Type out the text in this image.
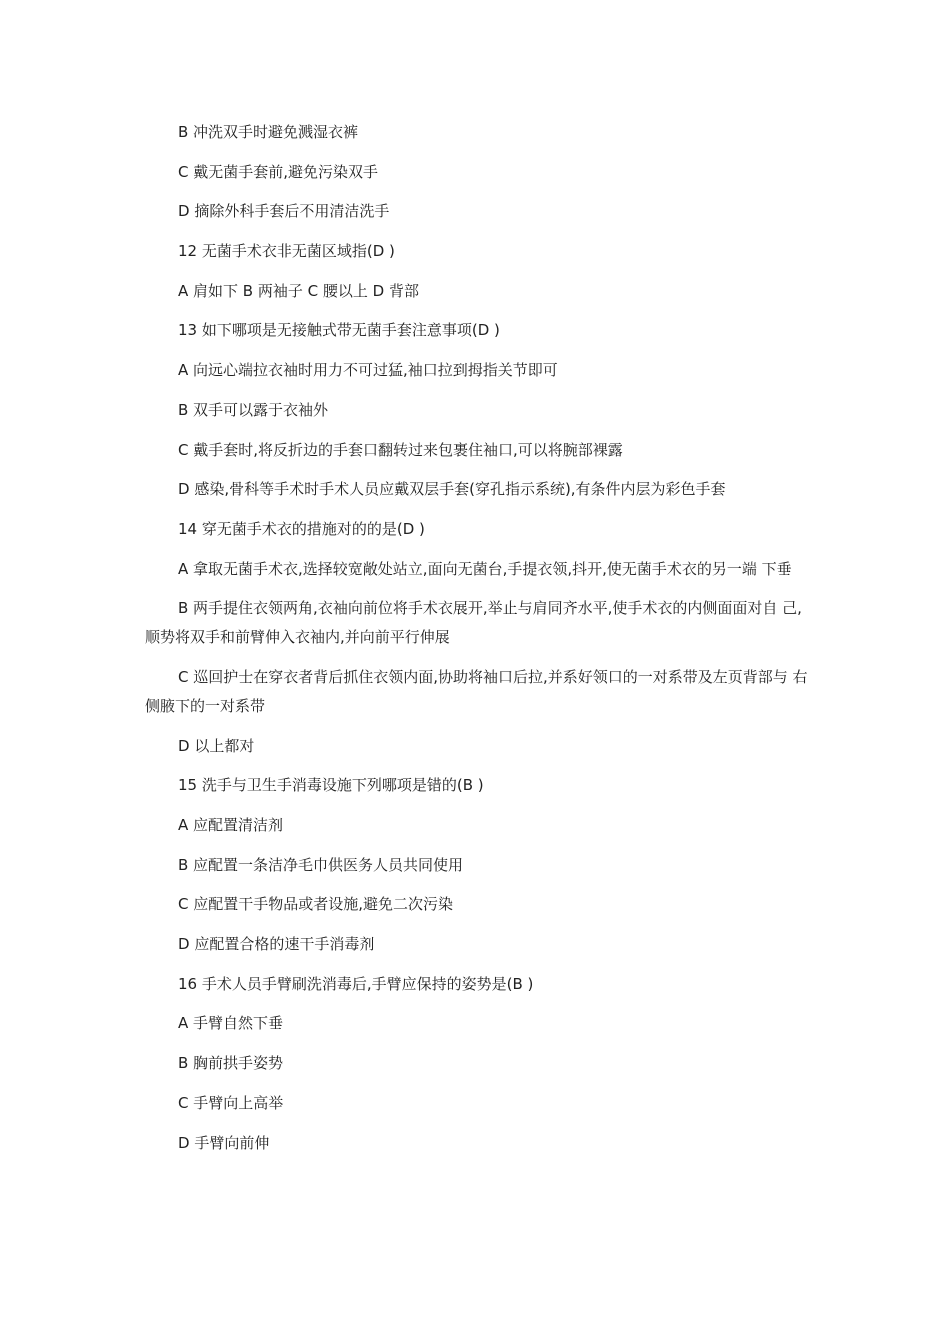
B 冲洗双手时避免溅湿衣裤

C 戴无菌手套前,避免污染双手

D 摘除外科手套后不用清洁洗手

12 无菌手术衣非无菌区域指(D )

A 肩如下 B 两袖子 C 腰以上 D 背部

13 如下哪项是无接触式带无菌手套注意事项(D )

A 向远心端拉衣袖时用力不可过猛,袖口拉到拇指关节即可

B 双手可以露于衣袖外

C 戴手套时,将反折边的手套口翻转过来包裹住袖口,可以将腕部裸露

D 感染,骨科等手术时手术人员应戴双层手套(穿孔指示系统),有条件内层为彩色手套

14 穿无菌手术衣的措施对的的是(D )

A 拿取无菌手术衣,选择较宽敞处站立,面向无菌台,手提衣领,抖开,使无菌手术衣的另一端 下垂

B 两手提住衣领两角,衣袖向前位将手术衣展开,举止与肩同齐水平,使手术衣的内侧面面对自 己,顺势将双手和前臂伸入衣袖内,并向前平行伸展

C 巡回护士在穿衣者背后抓住衣领内面,协助将袖口后拉,并系好领口的一对系带及左页背部与 右侧腋下的一对系带

D 以上都对

15 洗手与卫生手消毒设施下列哪项是错的(B )

A 应配置清洁剂

B 应配置一条洁净毛巾供医务人员共同使用

C 应配置干手物品或者设施,避免二次污染

D 应配置合格的速干手消毒剂

16 手术人员手臂刷洗消毒后,手臂应保持的姿势是(B )

A 手臂自然下垂

B 胸前拱手姿势

C 手臂向上高举

D 手臂向前伸
